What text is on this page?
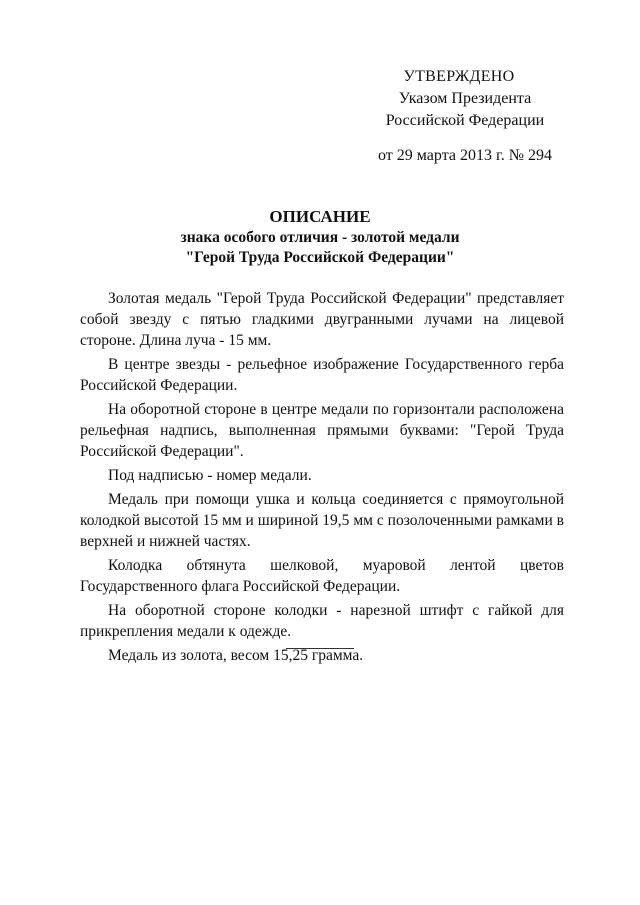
УТВЕРЖДЕНО
Указом Президента
Российской Федерации
от 29 марта 2013 г. № 294
ОПИСАНИЕ
знака особого отличия - золотой медали
"Герой Труда Российской Федерации"

Золотая медаль "Герой Труда Российской Федерации" представляет собой звезду с пятью гладкими двугранными лучами на лицевой стороне. Длина луча - 15 мм.

В центре звезды - рельефное изображение Государственного герба Российской Федерации.

На оборотной стороне в центре медали по горизонтали расположена рельефная надпись, выполненная прямыми буквами: "Герой Труда Российской Федерации".

Под надписью - номер медали.

Медаль при помощи ушка и кольца соединяется с прямоугольной колодкой высотой 15 мм и шириной 19,5 мм с позолоченными рамками в верхней и нижней частях.

Колодка обтянута шелковой, муаровой лентой цветов Государственного флага Российской Федерации.

На оборотной стороне колодки - нарезной штифт с гайкой для прикрепления медали к одежде.

Медаль из золота, весом 15,25 грамма.
